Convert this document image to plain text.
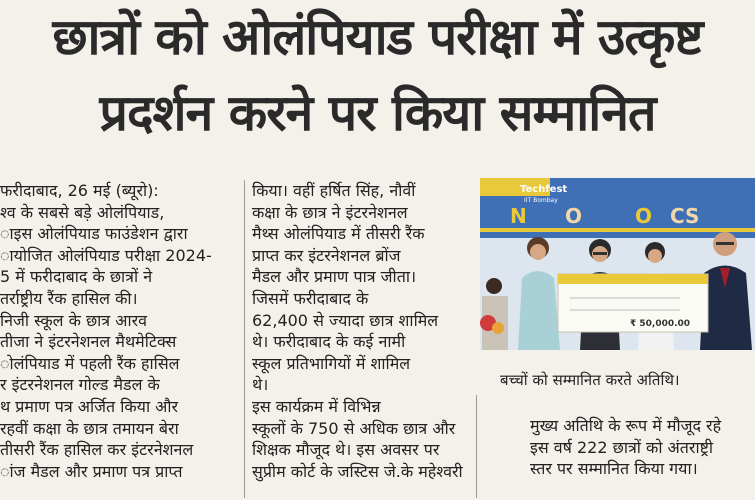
छात्रों को ओलंपियाड परीक्षा में उत्कृष्ट
प्रदर्शन करने पर किया सम्मानित
फरीदाबाद, 26 मई (ब्यूरो):
श्व के सबसे बड़े ओलंपियाड,
ाइस ओलंपियाड फाउंडेशन द्वारा
ायोजित ओलंपियाड परीक्षा 2024-
5 में फरीदाबाद के छात्रों ने
तर्राष्ट्रीय रैंक हासिल की।
निजी स्कूल के छात्र आरव
तीजा ने इंटरनेशनल मैथमेटिक्स
ोलंपियाड में पहली रैंक हासिल
र इंटरनेशनल गोल्ड मैडल के
थ प्रमाण पत्र अर्जित किया और
रहवीं कक्षा के छात्र तमायन बेरा
तीसरी रैंक हासिल कर इंटरनेशनल
ांज मैडल और प्रमाण पत्र प्राप्त
किया। वहीं हर्षित सिंह, नौवीं
कक्षा के छात्र ने इंटरनेशनल
मैथ्स ओलंपियाड में तीसरी रैंक
प्राप्त कर इंटरनेशनल ब्रोंज
मैडल और प्रमाण पात्र जीता।
जिसमें फरीदाबाद के
62,400 से ज्यादा छात्र शामिल
थे। फरीदाबाद के कई नामी
स्कूल प्रतिभागियों में शामिल
थे।
इस कार्यक्रम में विभिन्न
स्कूलों के 750 से अधिक छात्र और
शिक्षक मौजूद थे। इस अवसर पर
सुप्रीम कोर्ट के जस्टिस जे.के महेश्वरी
मुख्य अतिथि के रूप में मौजूद रहे
इस वर्ष 222 छात्रों को अंतराष्ट्री
स्तर पर सम्मानित किया गया।
Techfest
IIT Bombay
N O	O CS
₹ 50,000.00
बच्चों को सम्मानित करते अतिथि।
